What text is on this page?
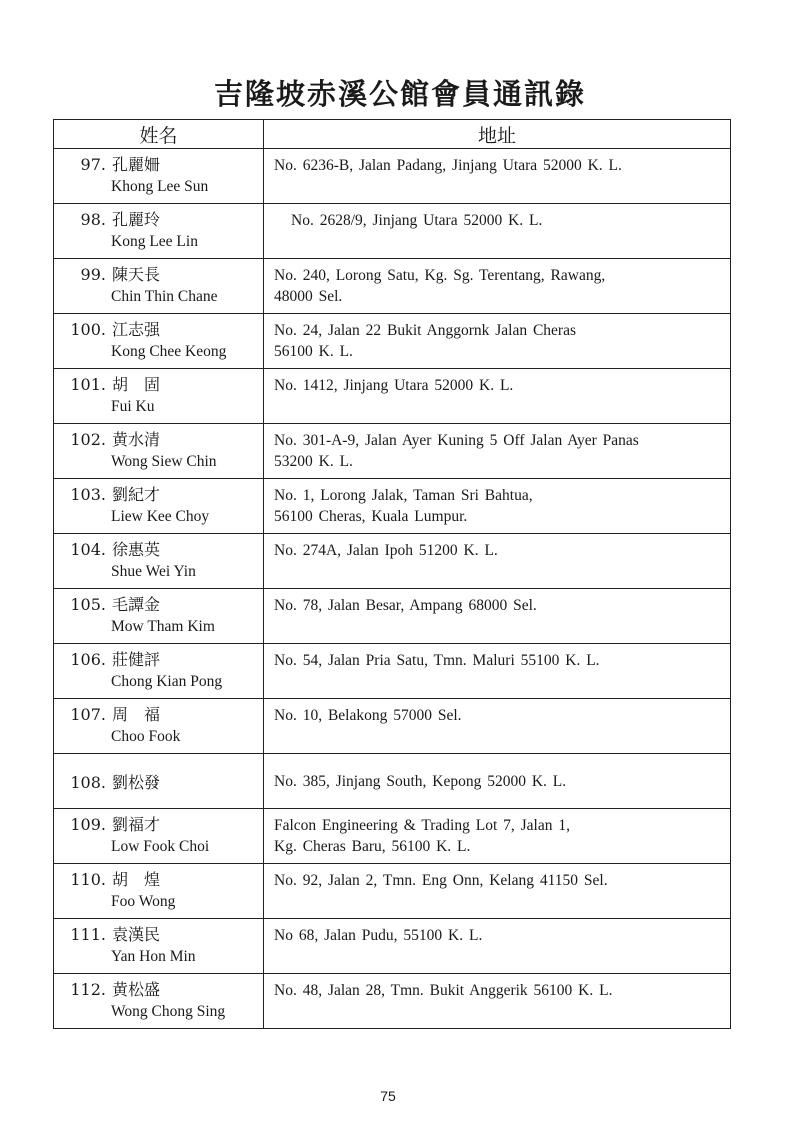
吉隆坡赤溪公館會員通訊錄
姓名	地址
97. 孔麗姍
Khong Lee Sun	No. 6236-B, Jalan Padang, Jinjang Utara 52000 K. L.

98. 孔麗玲
Kong Lee Lin	No. 2628/9, Jinjang Utara 52000 K. L.

99. 陳天長
Chin Thin Chane	No. 240, Lorong Satu, Kg. Sg. Terentang, Rawang,
48000 Sel.

100. 江志强
Kong Chee Keong	No. 24, Jalan 22 Bukit Anggornk Jalan Cheras
56100 K. L.

101. 胡　固
Fui Ku	No. 1412, Jinjang Utara 52000 K. L.

102. 黄水清
Wong Siew Chin	No. 301-A-9, Jalan Ayer Kuning 5 Off Jalan Ayer Panas
53200 K. L.

103. 劉紀才
Liew Kee Choy	No. 1, Lorong Jalak, Taman Sri Bahtua,
56100 Cheras, Kuala Lumpur.

104. 徐惠英
Shue Wei Yin	No. 274A, Jalan Ipoh 51200 K. L.

105. 毛譚金
Mow Tham Kim	No. 78, Jalan Besar, Ampang 68000 Sel.

106. 莊健評
Chong Kian Pong	No. 54, Jalan Pria Satu, Tmn. Maluri 55100 K. L.

107. 周　福
Choo Fook	No. 10, Belakong 57000 Sel.

108. 劉松發	No. 385, Jinjang South, Kepong 52000 K. L.

109. 劉福才
Low Fook Choi	Falcon Engineering & Trading Lot 7, Jalan 1,
Kg. Cheras Baru, 56100 K. L.

110. 胡　煌
Foo Wong	No. 92, Jalan 2, Tmn. Eng Onn, Kelang 41150 Sel.

111. 袁漢民
Yan Hon Min	No 68, Jalan Pudu, 55100 K. L.

112. 黄松盛
Wong Chong Sing	No. 48, Jalan 28, Tmn. Bukit Anggerik 56100 K. L.
75
